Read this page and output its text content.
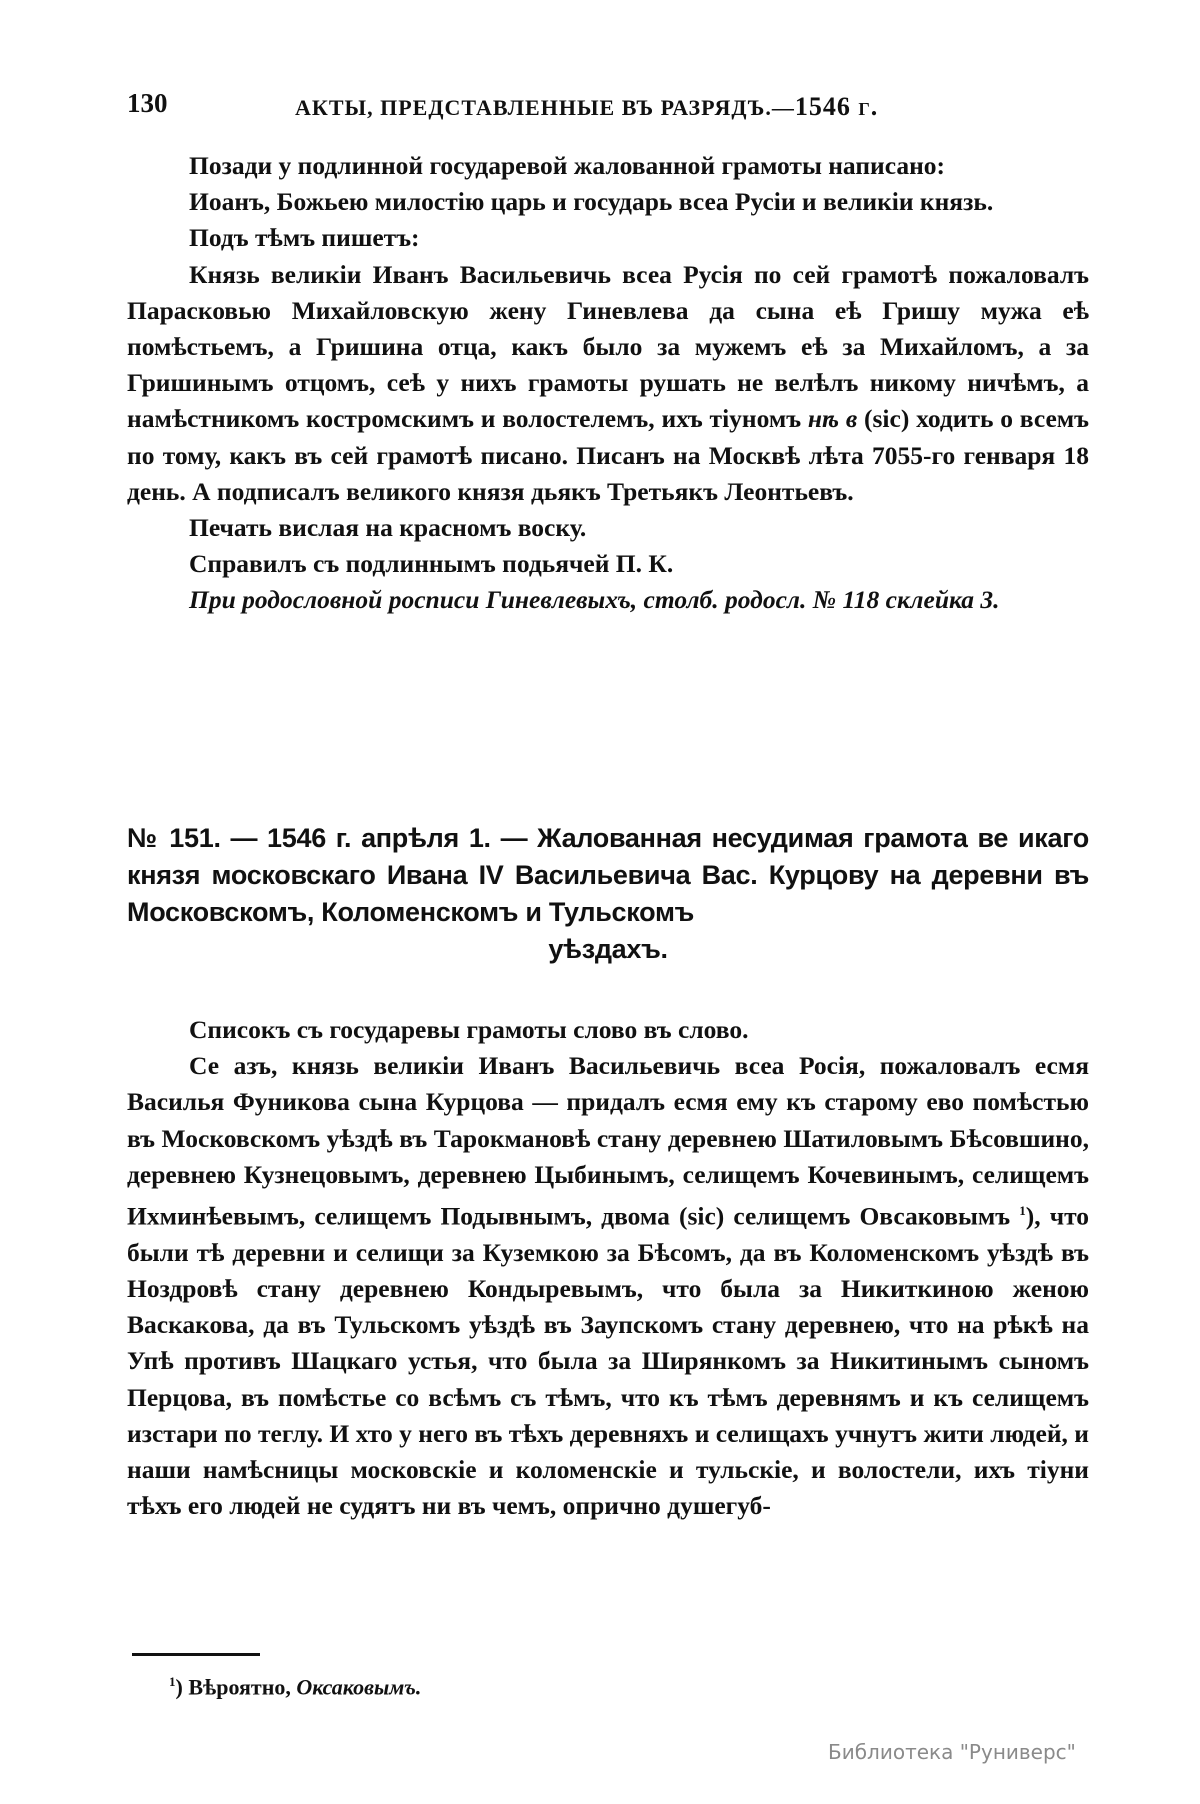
130	АКТЫ, ПРЕДСТАВЛЕННЫЕ ВЪ РАЗРЯДЪ.—1546 г.

Позади у подлинной государевой жалованной грамоты написано:

Иоанъ, Божьею милостію царь и государь всеа Русіи и великіи князь.

Подъ тѣмъ пишетъ:

Князь великіи Иванъ Васильевичь всеа Русія по сей грамотѣ пожаловалъ Парасковью Михайловскую жену Гиневлева да сына еѣ Гришу мужа еѣ помѣстьемъ, а Гришина отца, какъ было за мужемъ еѣ за Михайломъ, а за Гришинымъ отцомъ, сеѣ у нихъ грамоты рушать не велѣлъ никому ничѣмъ, а намѣстникомъ костромскимъ и волостелемъ, ихъ тіуномъ нѣ в (sic) ходить о всемъ по тому, какъ въ сей грамотѣ писано. Писанъ на Москвѣ лѣта 7055-го генваря 18 день. А подписалъ великого князя дьякъ Третьякъ Леонтьевъ.

Печать вислая на красномъ воску.

Справилъ съ подлиннымъ подьячей П. К.

При родословной росписи Гиневлевыхъ, столб. родосл. № 118 склейка 3.

№ 151. — 1546 г. апрѣля 1. — Жалованная несудимая грамота ве икаго князя московскаго Ивана IV Васильевича Вас. Курцову на деревни въ Московскомъ, Коломенскомъ и Тульскомъ
уѣздахъ.

Списокъ съ государевы грамоты слово въ слово.

Се азъ, князь великіи Иванъ Васильевичь всеа Росія, пожаловалъ есмя Василья Фуникова сына Курцова — придалъ есмя ему къ старому ево помѣстью въ Московскомъ уѣздѣ въ Тарокмановѣ стану деревнею Шатиловымъ Бѣсовшино, деревнею Кузнецовымъ, деревнею Цыбинымъ, селищемъ Кочевинымъ, селищемъ Ихминѣевымъ, селищемъ Подывнымъ, двома (sic) селищемъ Овсаковымъ $^1$), что были тѣ деревни и селищи за Куземкою за Бѣсомъ, да въ Коломенскомъ уѣздѣ въ Ноздровѣ стану деревнею Кондыревымъ, что была за Никиткиною женою Васкакова, да въ Тульскомъ уѣздѣ въ Заупскомъ стану деревнею, что на рѣкѣ на Упѣ противъ Шацкаго устья, что была за Ширянкомъ за Никитинымъ сыномъ Перцова, въ помѣстье со всѣмъ съ тѣмъ, что къ тѣмъ деревнямъ и къ селищемъ изстари по теглу. И хто у него въ тѣхъ деревняхъ и селищахъ учнутъ жити людей, и наши намѣсницы московскіе и коломенскіе и тульскіе, и волостели, ихъ тіуни тѣхъ его людей не судятъ ни въ чемъ, опрично душегуб-

$^1$) Вѣроятно, Оксаковымъ.
Библиотека "Руниверс"
